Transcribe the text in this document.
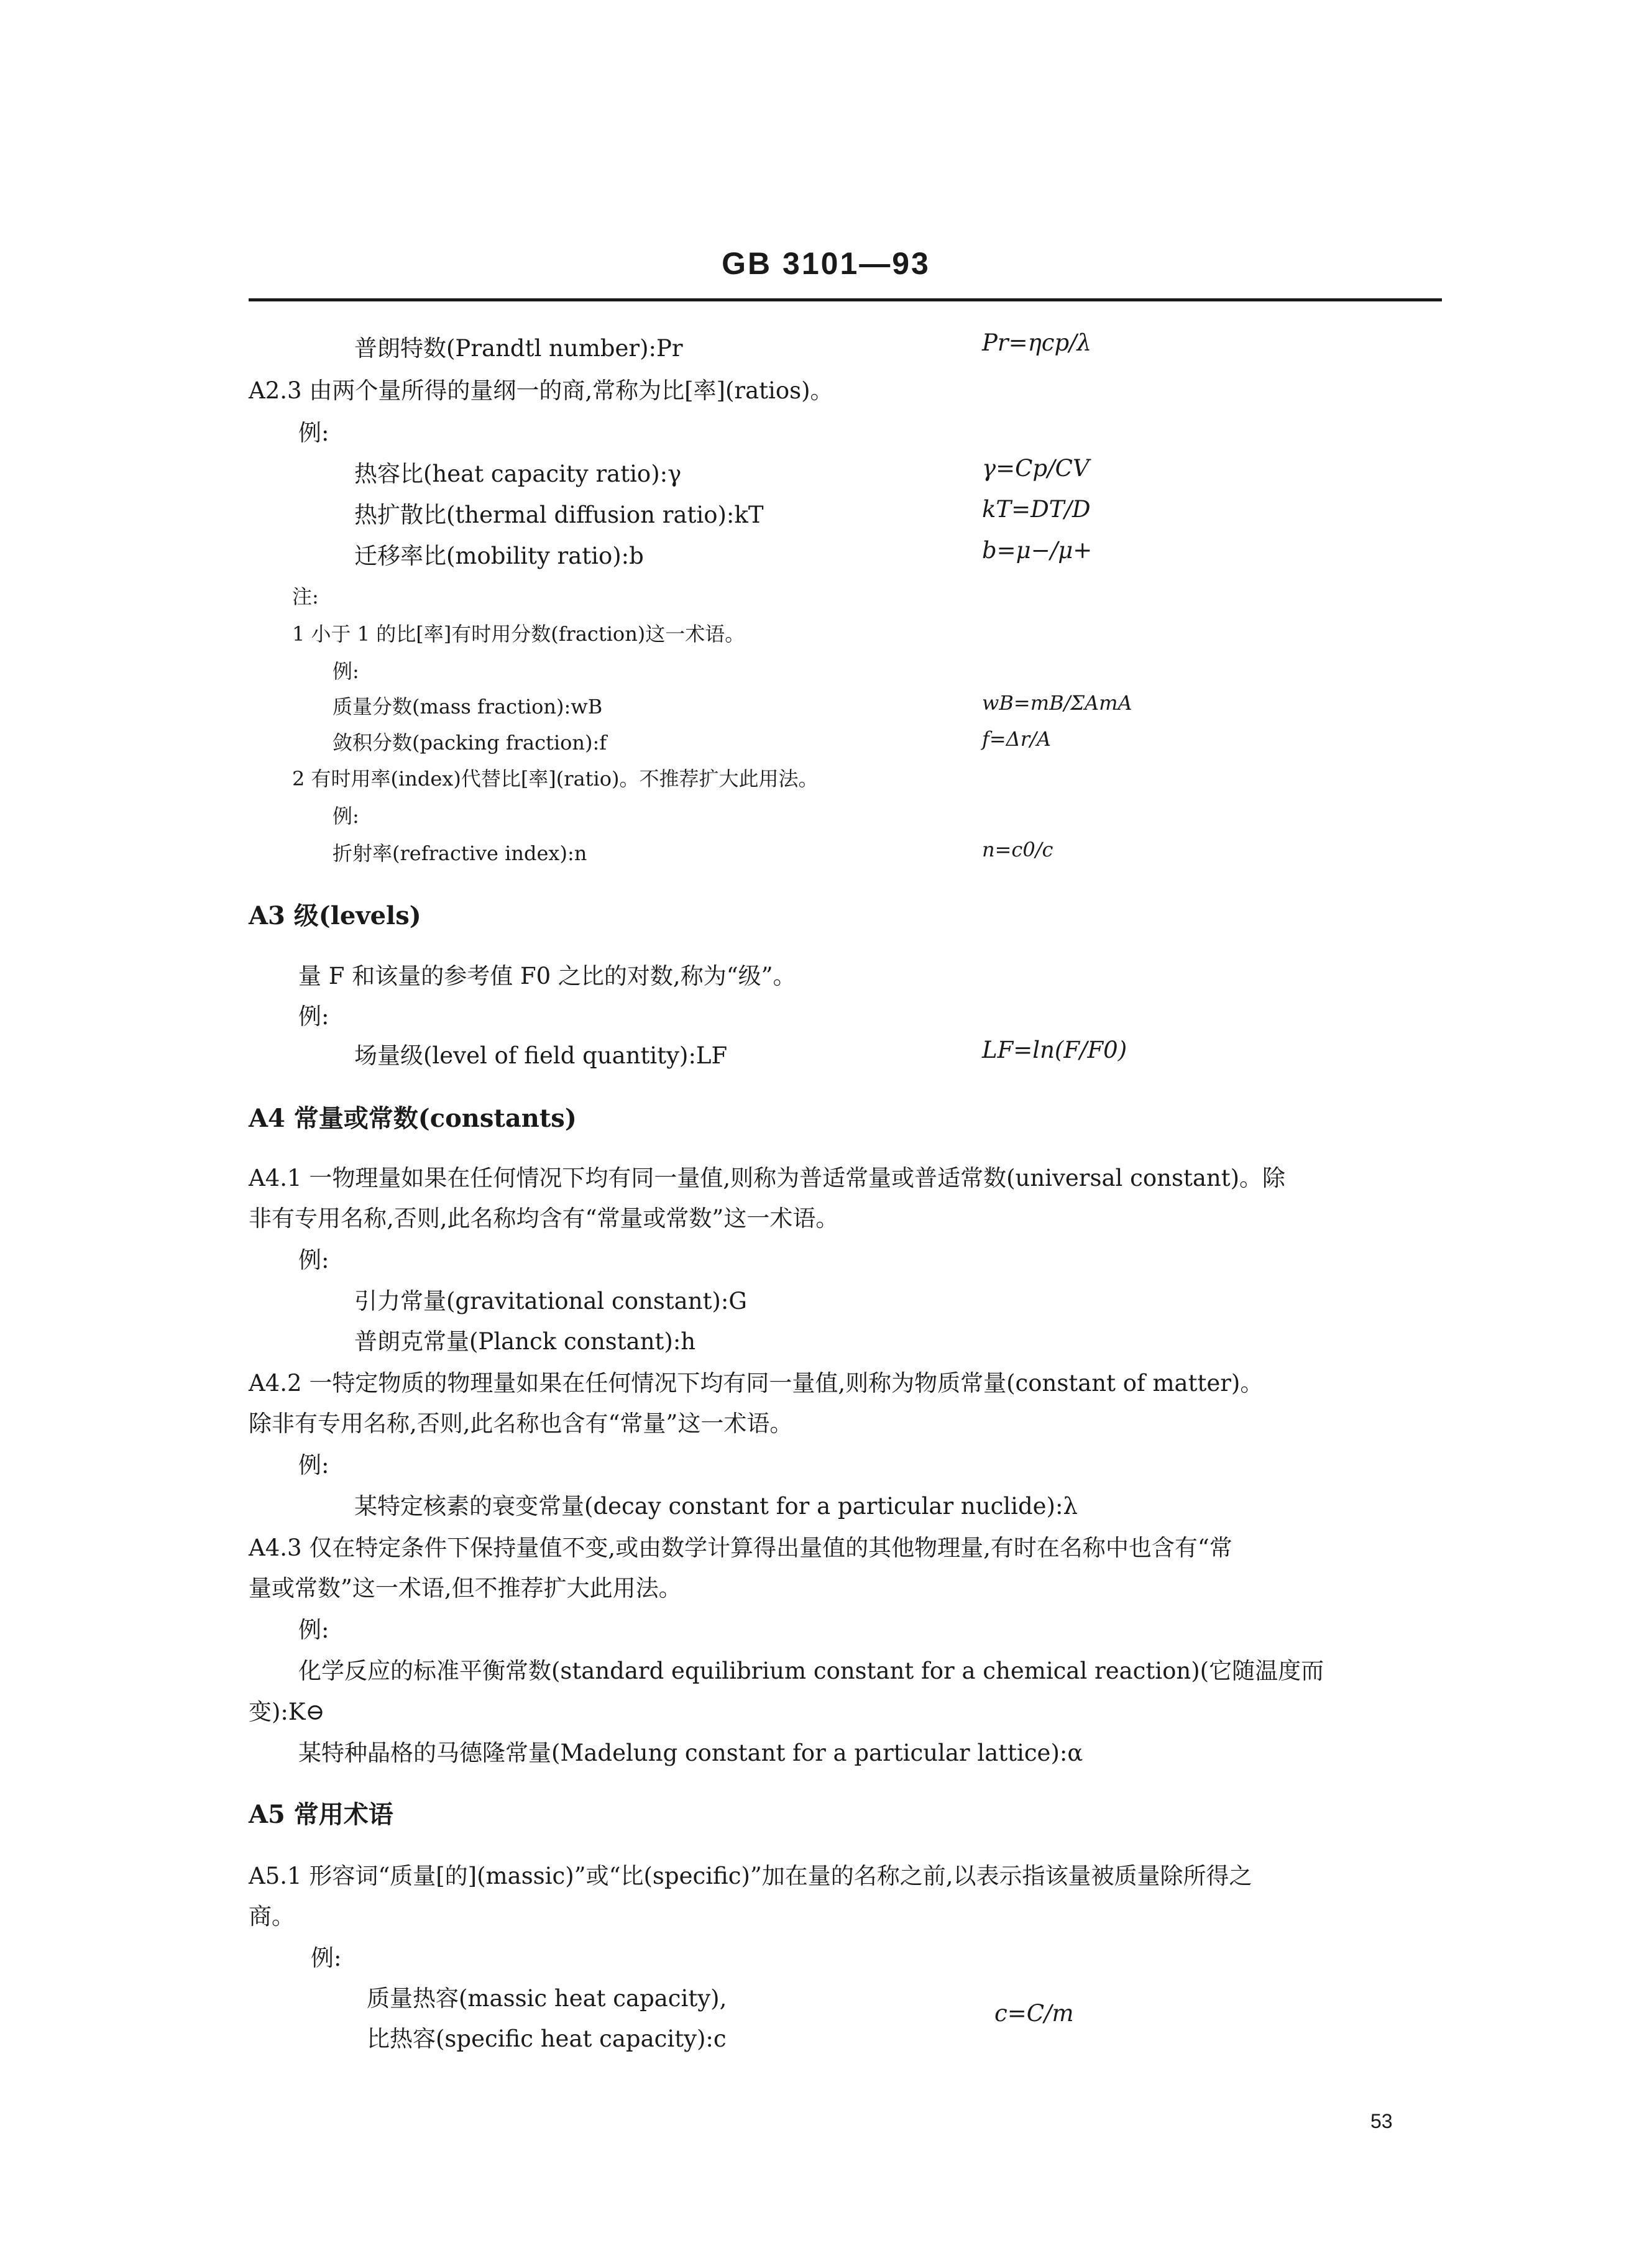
GB 3101—93
普朗特数(Prandtl number):Pr	Pr=ηcp/λ
A2.3 由两个量所得的量纲一的商,常称为比[率](ratios)。
例:
热容比(heat capacity ratio):γ	γ=Cp/CV
热扩散比(thermal diffusion ratio):kT	kT=DT/D
迁移率比(mobility ratio):b	b=μ−/μ+
注:
1 小于 1 的比[率]有时用分数(fraction)这一术语。
例:
质量分数(mass fraction):wB	wB=mB/ΣAmA
敛积分数(packing fraction):f	f=Δr/A
2 有时用率(index)代替比[率](ratio)。不推荐扩大此用法。
例:
折射率(refractive index):n	n=c0/c
A3 级(levels)
量 F 和该量的参考值 F0 之比的对数,称为“级”。
例:
场量级(level of field quantity):LF	LF=ln(F/F0)
A4 常量或常数(constants)
A4.1 一物理量如果在任何情况下均有同一量值,则称为普适常量或普适常数(universal constant)。除
非有专用名称,否则,此名称均含有“常量或常数”这一术语。
例:
引力常量(gravitational constant):G
普朗克常量(Planck constant):h
A4.2 一特定物质的物理量如果在任何情况下均有同一量值,则称为物质常量(constant of matter)。
除非有专用名称,否则,此名称也含有“常量”这一术语。
例:
某特定核素的衰变常量(decay constant for a particular nuclide):λ
A4.3 仅在特定条件下保持量值不变,或由数学计算得出量值的其他物理量,有时在名称中也含有“常
量或常数”这一术语,但不推荐扩大此用法。
例:
化学反应的标准平衡常数(standard equilibrium constant for a chemical reaction)(它随温度而
变):K⊖
某特种晶格的马德隆常量(Madelung constant for a particular lattice):α
A5 常用术语
A5.1 形容词“质量[的](massic)”或“比(specific)”加在量的名称之前,以表示指该量被质量除所得之
商。
例:
质量热容(massic heat capacity),
比热容(specific heat capacity):c
c=C/m
53
